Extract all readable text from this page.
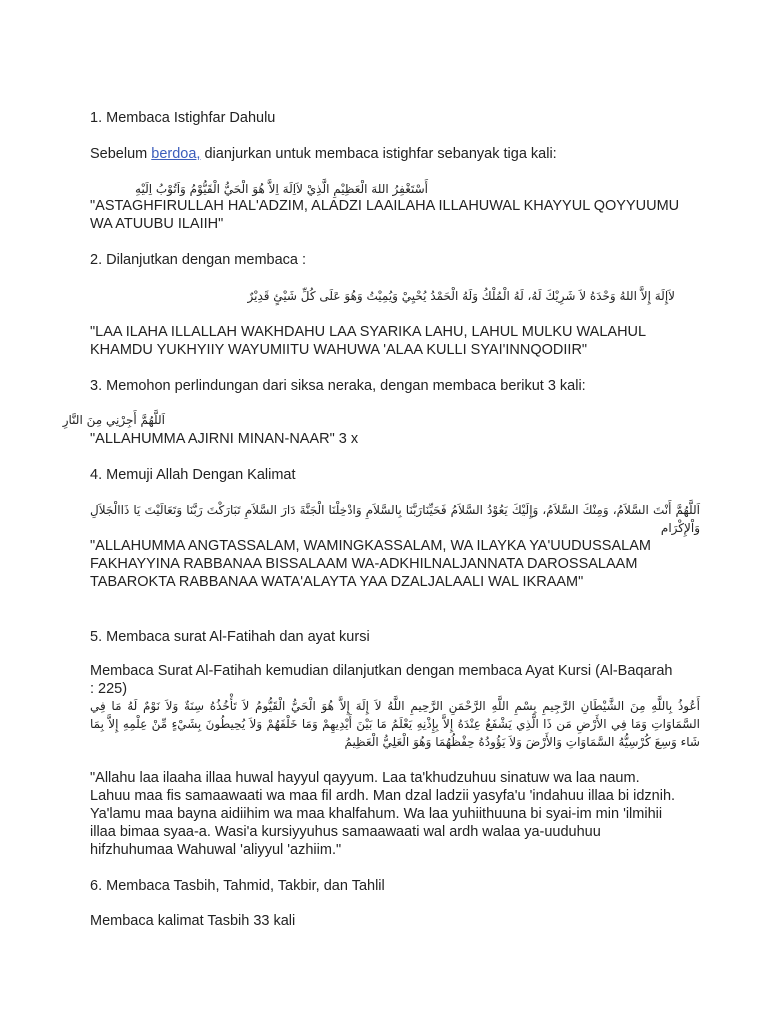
1. Membaca Istighfar Dahulu
Sebelum berdoa, dianjurkan untuk membaca istighfar sebanyak tiga kali:
أَسْتَغْفِرُ اللهَ الْعَظِيْمِ الَّذِيْ لاَاِلَهَ اِلاَّ هُوَ الْحَيُّ الْقَيُّوْمُ وَاَتُوْبُ اِلَيْهِ
"ASTAGHFIRULLAH HAL'ADZIM, ALADZI LAAILAHA ILLAHUWAL KHAYYUL QOYYUUMU WA ATUUBU ILAIIH"
2. Dilanjutkan dengan membaca :
لاَإِلَهَ إِلاَّ اللهُ وَحْدَهُ لاَ شَرِيْكَ لَهُ، لَهُ الْمُلْكُ وَلَهُ الْحَمْدُ يُحْيِيْ وَيُمِيْتُ وَهُوَ عَلَى كُلِّ شَيْئٍ قَدِيْرٌ
"LAA ILAHA ILLALLAH WAKHDAHU LAA SYARIKA LAHU, LAHUL MULKU WALAHUL KHAMDU YUKHYIIY WAYUMIITU WAHUWA 'ALAA KULLI SYAI'INNQODIIR"
3. Memohon perlindungan dari siksa neraka, dengan membaca berikut 3 kali:
اَللَّهُمَّ أَجِرْنِي مِنَ النَّارِ
"ALLAHUMMA AJIRNI MINAN-NAAR" 3 x
4. Memuji Allah Dengan Kalimat
اَللَّهُمَّ أَنْتَ السَّلاَمُ، وَمِنْكَ السَّلاَمُ، وَإِلَيْكَ يَعُوْدُ السَّلاَمُ فَحَيِّنَارَبَّنَا بِالسَّلاَمِ وَادْخِلْنَا الْجَنَّةَ دَارَ السَّلاَمِ تَبَارَكْتَ رَبَّنَا وَتَعَالَيْتَ يَا ذَاالْجَلاَلِ وَاْلإِكْرَام
"ALLAHUMMA ANGTASSALAM, WAMINGKASSALAM, WA ILAYKA YA'UUDUSSALAM FAKHAYYINA RABBANAA BISSALAAM WA-ADKHILNALJANNATA DAROSSALAAM TABAROKTA RABBANAA WATA'ALAYTA YAA DZALJALAALI WAL IKRAAM"
5. Membaca surat Al-Fatihah dan ayat kursi
Membaca Surat Al-Fatihah kemudian dilanjutkan dengan membaca Ayat Kursi (Al-Baqarah : 225)
أَعُوذُ بِاللَّهِ مِنَ الشَّيْطَانِ الرَّجِيمِ بِسْمِ اللَّهِ الرَّحْمَنِ الرَّحِيمِ اللَّهُ لاَ إِلَهَ إِلاَّ هُوَ الْحَيُّ الْقَيُّومُ لاَ تَأْخُذُهُ سِنَةٌ وَلاَ نَوْمٌ لَهُ مَا فِي السَّمَاوَاتِ وَمَا فِي الأَرْضِ مَن ذَا الَّذِي يَشْفَعُ عِنْدَهُ إِلاَّ بِإِذْنِهِ يَعْلَمُ مَا بَيْنَ أَيْدِيهِمْ وَمَا خَلْفَهُمْ وَلاَ يُحِيطُونَ بِشَيْءٍ مِّنْ عِلْمِهِ إِلاَّ بِمَا شَاء وَسِعَ كُرْسِيُّهُ السَّمَاوَاتِ وَالأَرْضَ وَلاَ يَؤُودُهُ حِفْظُهُمَا وَهُوَ الْعَلِيُّ الْعَظِيمُ
"Allahu laa ilaaha illaa huwal hayyul qayyum. Laa ta'khudzuhuu sinatuw wa laa naum. Lahuu maa fis samaawaati wa maa fil ardh. Man dzal ladzii yasyfa'u 'indahuu illaa bi idznih. Ya'lamu maa bayna aidiihim wa maa khalfahum. Wa laa yuhiithuuna bi syai-im min 'ilmihii illaa bimaa syaa-a. Wasi'a kursiyyuhus samaawaati wal ardh walaa ya-uuduhuu hifzhuhumaa Wahuwal 'aliyyul 'azhiim."
6. Membaca Tasbih, Tahmid, Takbir, dan Tahlil
Membaca kalimat Tasbih 33 kali
